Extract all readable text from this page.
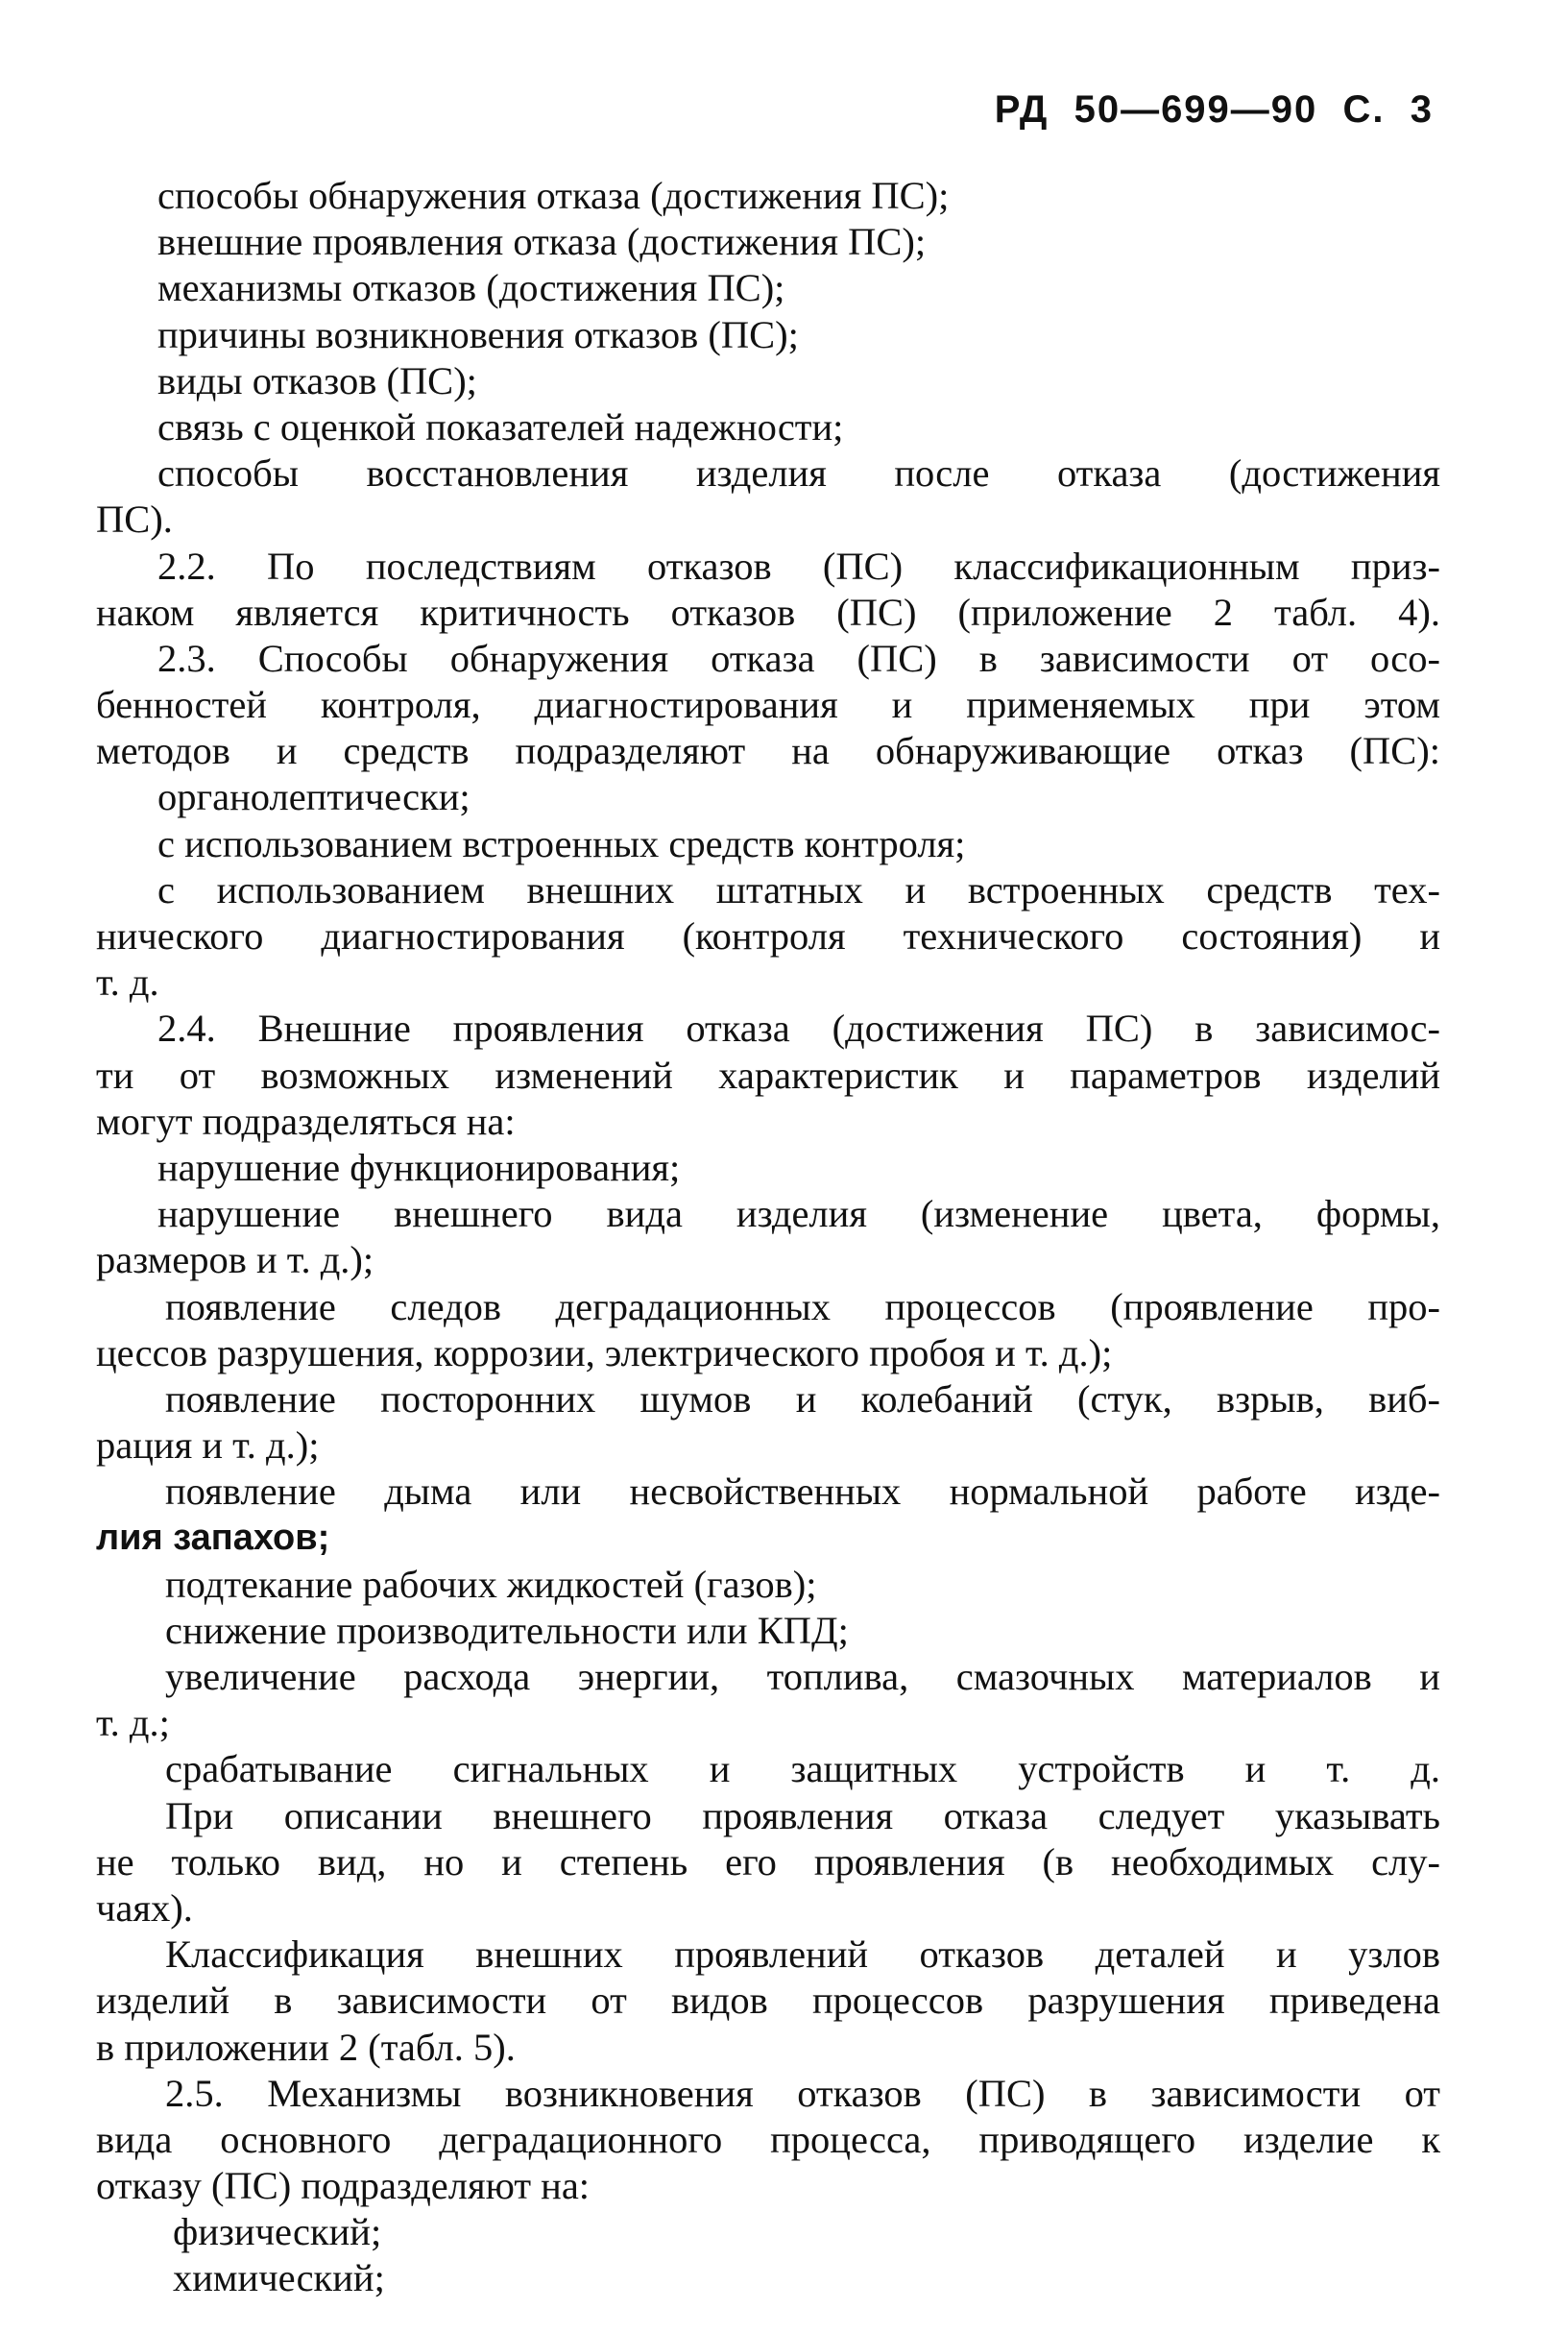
РД  50—699—90  С.  3
способы обнаружения отказа (достижения ПС);
внешние проявления отказа (достижения ПС);
механизмы отказов (достижения ПС);
причины возникновения отказов (ПС);
виды отказов (ПС);
связь с оценкой показателей надежности;
способы восстановления изделия после отказа (достижения
ПС).
2.2. По последствиям отказов (ПС) классификационным приз-
наком является критичность отказов (ПС) (приложение 2 табл. 4).
2.3. Способы обнаружения отказа (ПС) в зависимости от осо-
бенностей контроля, диагностирования и применяемых при этом
методов и средств подразделяют на обнаруживающие отказ (ПС):
органолептически;
с использованием встроенных средств контроля;
с использованием внешних штатных и встроенных средств тех-
нического диагностирования (контроля технического состояния) и
т. д.
2.4. Внешние проявления отказа (достижения ПС) в зависимос-
ти от возможных изменений характеристик и параметров изделий
могут подразделяться на:
нарушение функционирования;
нарушение внешнего вида изделия (изменение цвета, формы,
размеров и т. д.);
появление следов деградационных процессов (проявление про-
цессов разрушения, коррозии, электрического пробоя и т. д.);
появление посторонних шумов и колебаний (стук, взрыв, виб-
рация и т. д.);
появление дыма или несвойственных нормальной работе изде-
лия запахов;
подтекание рабочих жидкостей (газов);
снижение производительности или КПД;
увеличение расхода энергии, топлива, смазочных материалов и
т. д.;
срабатывание сигнальных и защитных устройств и т. д.
При описании внешнего проявления отказа следует указывать
не только вид, но и степень его проявления (в необходимых слу-
чаях).
Классификация внешних проявлений отказов деталей и узлов
изделий в зависимости от видов процессов разрушения приведена
в приложении 2 (табл. 5).
2.5. Механизмы возникновения отказов (ПС) в зависимости от
вида основного деградационного процесса, приводящего изделие к
отказу (ПС) подразделяют на:
физический;
химический;
